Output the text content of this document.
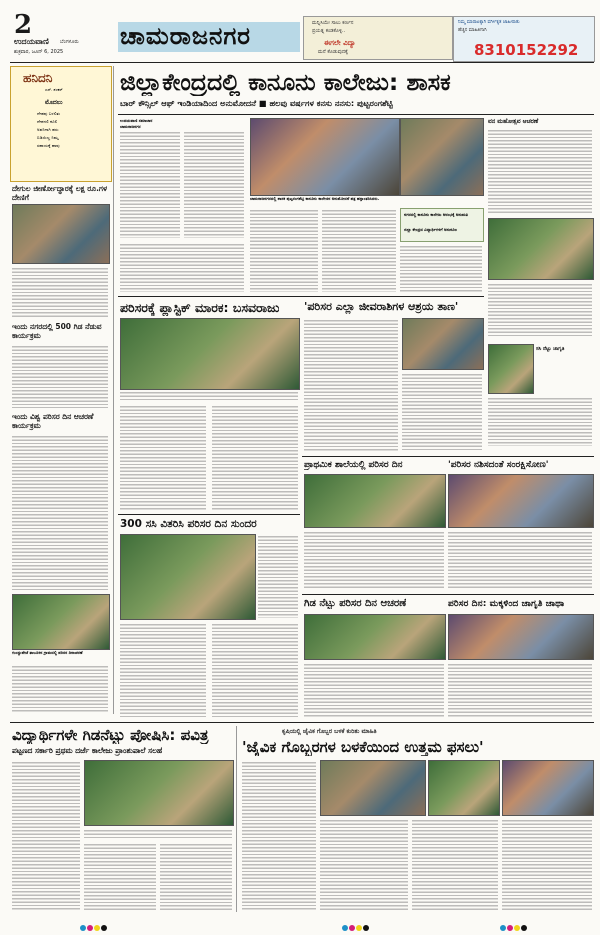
2
ಉದಯವಾಣಿ ಬೆಂಗಳೂರು
ಶುಕ್ರವಾರ, ಜೂನ್ 6, 2025
ಚಾಮರಾಜನಗರ	ಮನ್ನಿಸಿಯೇ ಸಾಲು ಕರ್ಣನ
ಪ್ರಯತ್ನ ಕಂಡಕೊಳ್ಳಿ..
ಈಗಲೇ ವಿದ್ಯಾ
ಮನೆ ಕೊಡುವುದಕ್ಕೆ
ನಿಮ್ಮ ಮಾರಾಟಕ್ಕಾಗಿ ವರ್ಗೀಕೃತ ಜಾಹೀರಾತು
ಹೆಚ್ಚಿನ ಮಾಹಿತಿಗಾಗಿ
8310152292
ಹನಿದನಿ
ಎಸ್. ಶಂಕರ್
ಮೊದಲು
ದೇಹವು ಬಳಲಿತು
ದೇಶದಲಿ ಕೂಲಿ
ಅವನಿಗಾಗಿ ಹಸು
ಬಿಡಿಯಿಲ್ಲ ನಿಮ್ಮ
ಸಹಾಯಕ್ಕೆ ಹಾವು
ದೇಗುಲ ಜೀರ್ಣೋದ್ಧಾರಕ್ಕೆ ಲಕ್ಷ ರೂ.ಗಳ ದೇಣಿಗೆ
ಇಂದು ನಗರದಲ್ಲಿ 500 ಗಿಡ ನೆಡುವ ಕಾರ್ಯಕ್ರಮ
ಇಂದು ವಿಶ್ವ ಪರಿಸರ ದಿನ ಆಚರಣೆ ಕಾರ್ಯಕ್ರಮ
ಗುಂಡ್ಲುಪೇಟೆ ತಾಲೂಕಿನ ಗ್ರಾಮದಲ್ಲಿ ಪರಿಸರ ದಿನಾಚರಣೆ
ಜಿಲ್ಲಾಕೇಂದ್ರದಲ್ಲಿ ಕಾನೂನು ಕಾಲೇಜು: ಶಾಸಕ
ಬಾರ್ ಕೌನ್ಸಿಲ್ ಆಫ್ ಇಂಡಿಯಾದಿಂದ ಅನುಮೋದನೆ ■ ಹಲವು ವರ್ಷಗಳ ಕನಸು ನನಸು: ಪುಟ್ಟರಂಗಶೆಟ್ಟಿ
ಉದಯವಾಣಿ ಸಮಾಚಾರ
ಚಾಮರಾಜನಗರ
ಚಾಮರಾಜನಗರದಲ್ಲಿ ಶಾಸಕ ಪುಟ್ಟರಂಗಶೆಟ್ಟಿ ಕಾನೂನು ಕಾಲೇಜಿನ ಅನುಮೋದನೆ ಪತ್ರ ಹಸ್ತಾಂತರಿಸಿದರು.
ನಗರದಲ್ಲಿ ಕಾನೂನು ಕಾಲೇಜು ಆರಂಭಕ್ಕೆ ಅನುಮತಿ
ಜಿಲ್ಲಾ ಕೇಂದ್ರದ ವಿದ್ಯಾರ್ಥಿಗಳಿಗೆ ಅನುಕೂಲ
ವನ ಮಹೋತ್ಸವ ಆಚರಣೆ
ಪರಿಸರಕ್ಕೆ ಪ್ಲಾಸ್ಟಿಕ್ ಮಾರಕ: ಬಸವರಾಜು 'ಪರಿಸರ ಎಲ್ಲಾ ಜೀವರಾಶಿಗಳ ಆಶ್ರಯ ತಾಣ'
ಸಸಿ ನೆಟ್ಟು ಜಾಗೃತಿ
ಪ್ರಾಥಮಿಕ ಶಾಲೆಯಲ್ಲಿ ಪರಿಸರ ದಿನ	'ಪರಿಸರ ನಶಿಸದಂತೆ ಸಂರಕ್ಷಿಸೋಣ'
300 ಸಸಿ ವಿತರಿಸಿ ಪರಿಸರ ದಿನ ಸುಂದರ
ಗಿಡ ನೆಟ್ಟು ಪರಿಸರ ದಿನ ಆಚರಣೆ	ಪರಿಸರ ದಿನ: ಮಕ್ಕಳಿಂದ ಜಾಗೃತಿ ಜಾಥಾ
ವಿದ್ಯಾರ್ಥಿಗಳೇ ಗಿಡನೆಟ್ಟು ಪೋಷಿಸಿ: ಪವಿತ್ರ
ಪಟ್ಟಣದ ಸರ್ಕಾರಿ ಪ್ರಥಮ ದರ್ಜೆ ಕಾಲೇಜು ಪ್ರಾಂಶುಪಾಲೆ ಸಲಹೆ
ಕೃಷಿಯಲ್ಲಿ ಜೈವಿಕ ಗೊಬ್ಬರ ಬಳಕೆ ಕುರಿತು ಮಾಹಿತಿ
'ಜೈವಿಕ ಗೊಬ್ಬರಗಳ ಬಳಕೆಯಿಂದ ಉತ್ತಮ ಫಸಲು'
